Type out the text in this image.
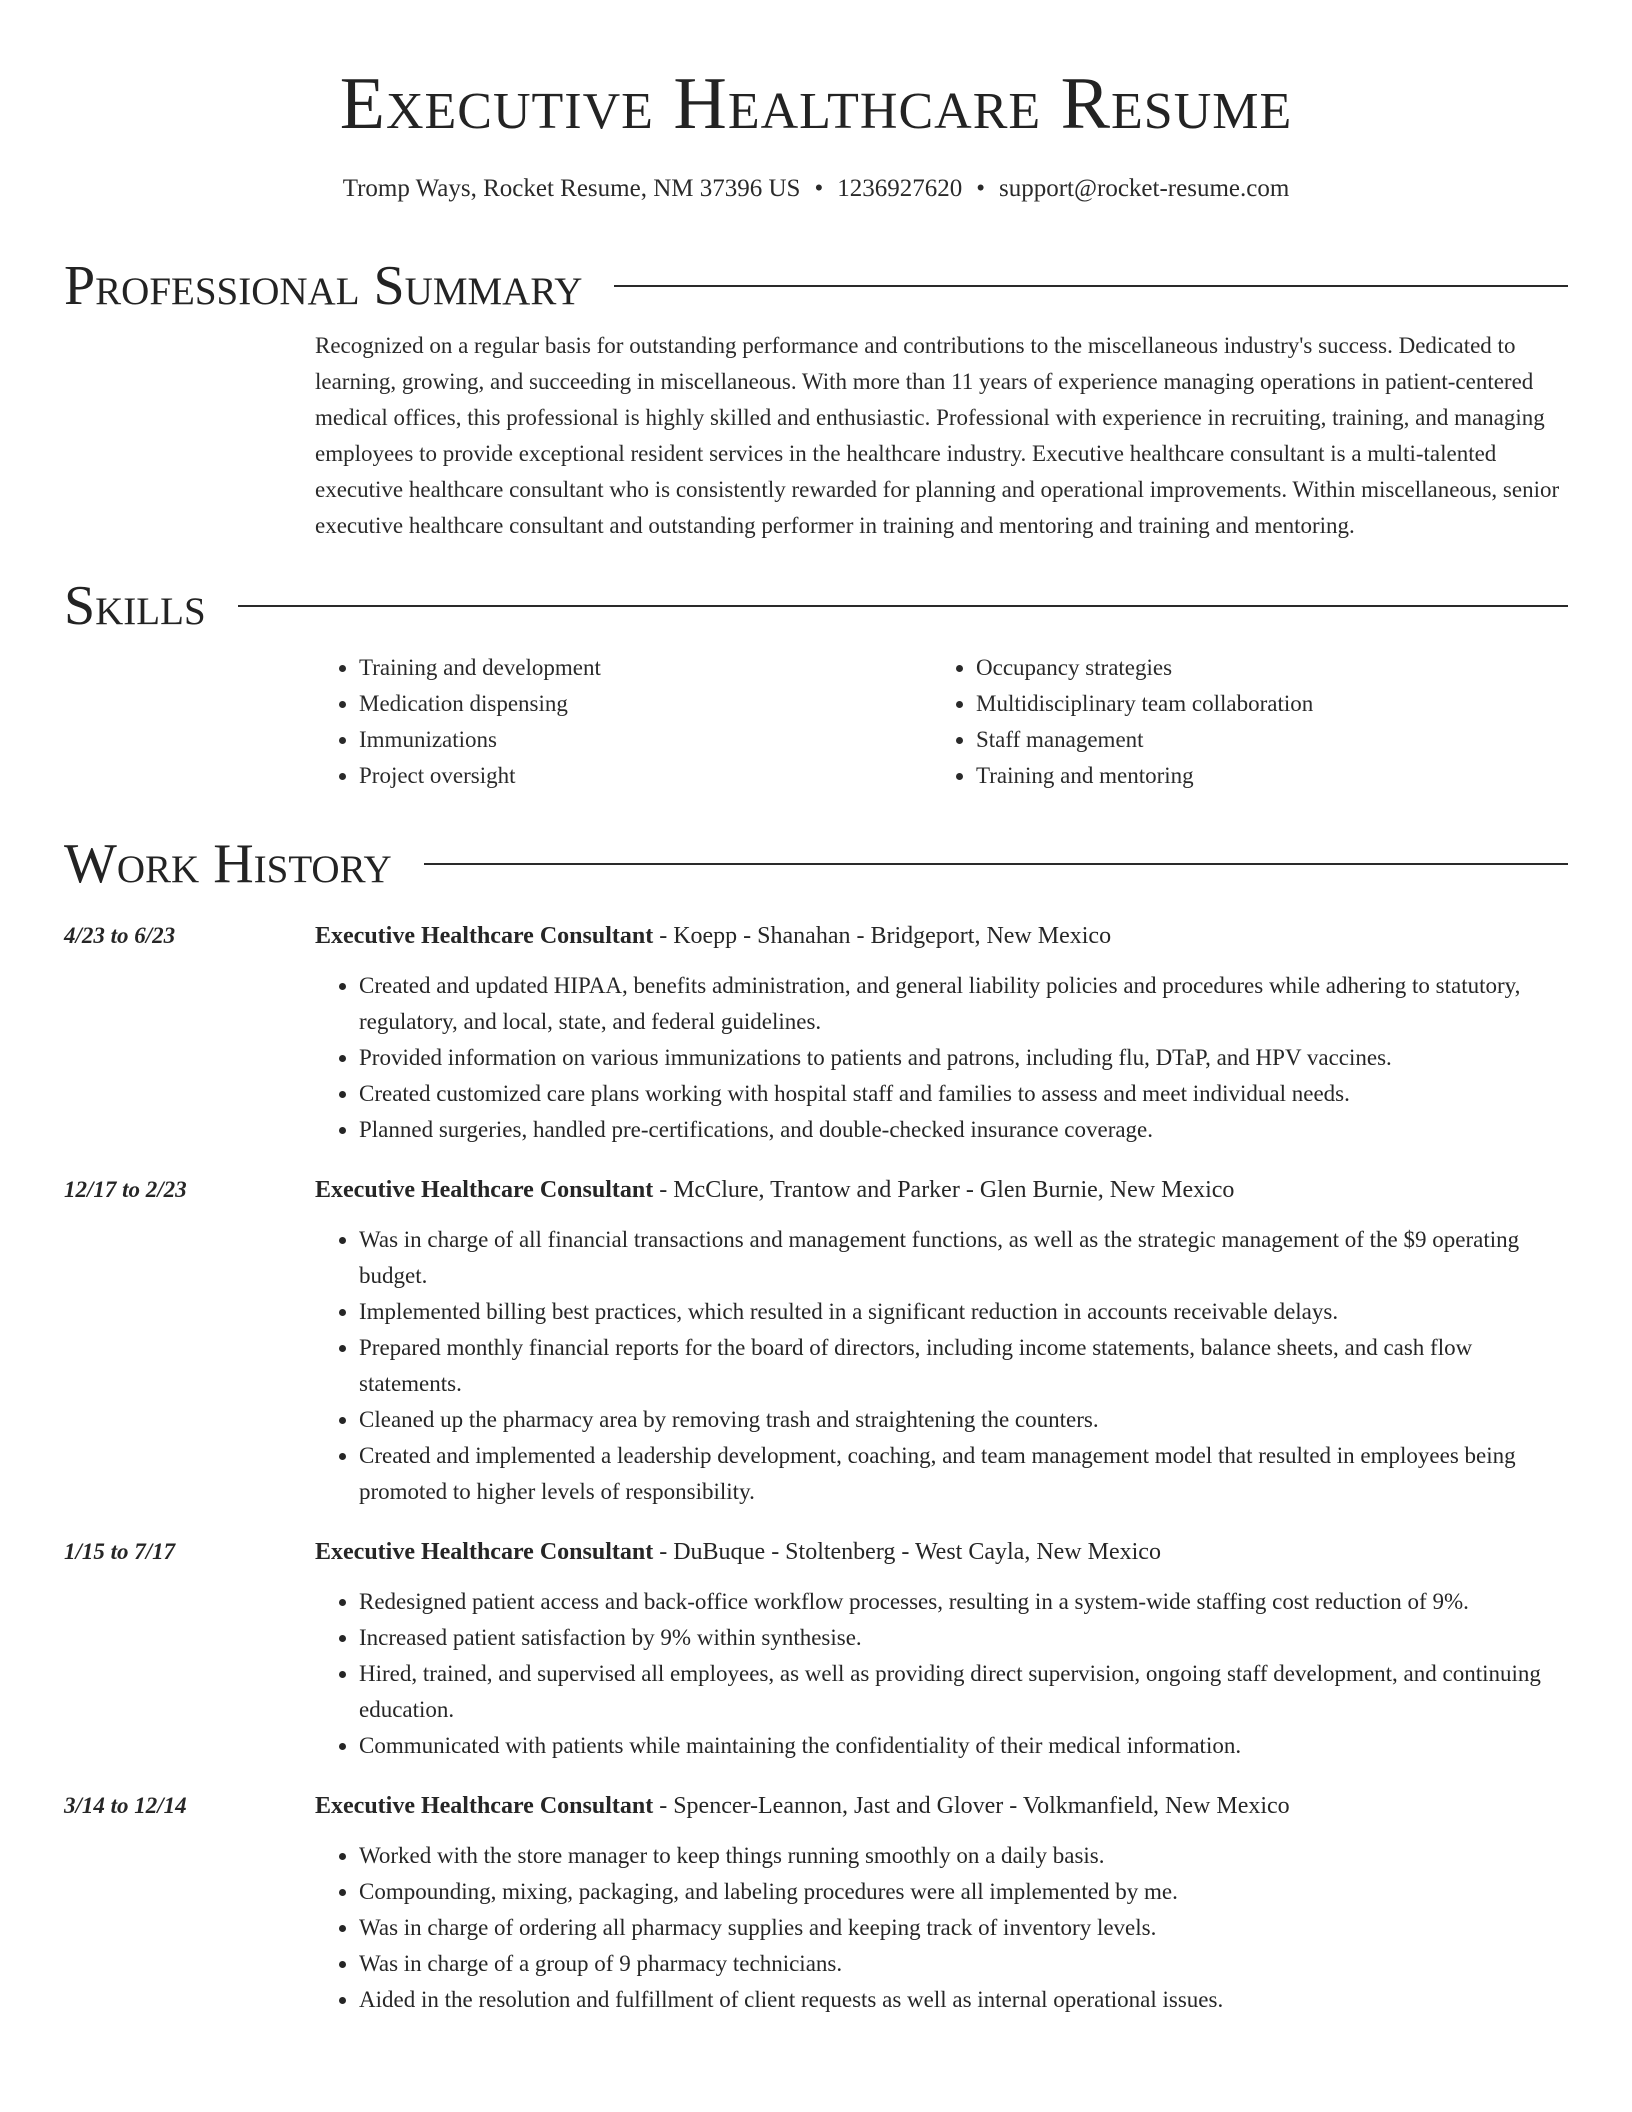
Executive Healthcare Resume
Tromp Ways, Rocket Resume, NM 37396 US • 1236927620 • support@rocket-resume.com
Professional Summary
Recognized on a regular basis for outstanding performance and contributions to the miscellaneous industry's success. Dedicated to learning, growing, and succeeding in miscellaneous. With more than 11 years of experience managing operations in patient-centered medical offices, this professional is highly skilled and enthusiastic. Professional with experience in recruiting, training, and managing employees to provide exceptional resident services in the healthcare industry. Executive healthcare consultant is a multi-talented executive healthcare consultant who is consistently rewarded for planning and operational improvements. Within miscellaneous, senior executive healthcare consultant and outstanding performer in training and mentoring and training and mentoring.
Skills
• Training and development
• Medication dispensing
• Immunizations
• Project oversight
• Occupancy strategies
• Multidisciplinary team collaboration
• Staff management
• Training and mentoring
Work History
4/23 to 6/23	Executive Healthcare Consultant - Koepp - Shanahan - Bridgeport, New Mexico
• Created and updated HIPAA, benefits administration, and general liability policies and procedures while adhering to statutory, regulatory, and local, state, and federal guidelines.
• Provided information on various immunizations to patients and patrons, including flu, DTaP, and HPV vaccines.
• Created customized care plans working with hospital staff and families to assess and meet individual needs.
• Planned surgeries, handled pre-certifications, and double-checked insurance coverage.
12/17 to 2/23	Executive Healthcare Consultant - McClure, Trantow and Parker - Glen Burnie, New Mexico
• Was in charge of all financial transactions and management functions, as well as the strategic management of the $9 operating budget.
• Implemented billing best practices, which resulted in a significant reduction in accounts receivable delays.
• Prepared monthly financial reports for the board of directors, including income statements, balance sheets, and cash flow statements.
• Cleaned up the pharmacy area by removing trash and straightening the counters.
• Created and implemented a leadership development, coaching, and team management model that resulted in employees being promoted to higher levels of responsibility.
1/15 to 7/17	Executive Healthcare Consultant - DuBuque - Stoltenberg - West Cayla, New Mexico
• Redesigned patient access and back-office workflow processes, resulting in a system-wide staffing cost reduction of 9%.
• Increased patient satisfaction by 9% within synthesise.
• Hired, trained, and supervised all employees, as well as providing direct supervision, ongoing staff development, and continuing education.
• Communicated with patients while maintaining the confidentiality of their medical information.
3/14 to 12/14	Executive Healthcare Consultant - Spencer-Leannon, Jast and Glover - Volkmanfield, New Mexico
• Worked with the store manager to keep things running smoothly on a daily basis.
• Compounding, mixing, packaging, and labeling procedures were all implemented by me.
• Was in charge of ordering all pharmacy supplies and keeping track of inventory levels.
• Was in charge of a group of 9 pharmacy technicians.
• Aided in the resolution and fulfillment of client requests as well as internal operational issues.
